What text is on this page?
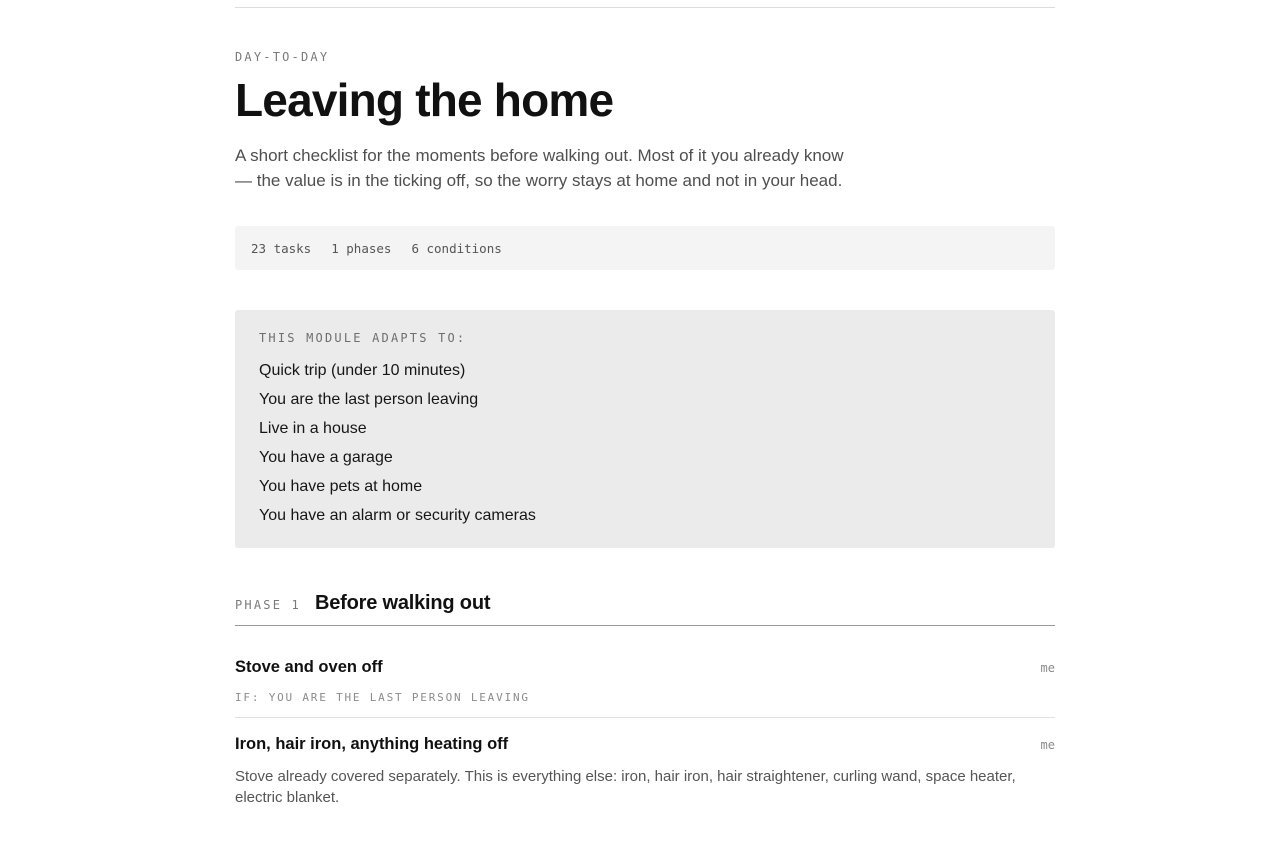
DAY-TO-DAY
Leaving the home
A short checklist for the moments before walking out. Most of it you already know — the value is in the ticking off, so the worry stays at home and not in your head.
23 tasks 1 phases 6 conditions
THIS MODULE ADAPTS TO:
Quick trip (under 10 minutes)
You are the last person leaving
Live in a house
You have a garage
You have pets at home
You have an alarm or security cameras
PHASE 1 Before walking out
Stove and oven off	me
IF: YOU ARE THE LAST PERSON LEAVING
Iron, hair iron, anything heating off	me
Stove already covered separately. This is everything else: iron, hair iron, hair straightener, curling wand, space heater, electric blanket.
